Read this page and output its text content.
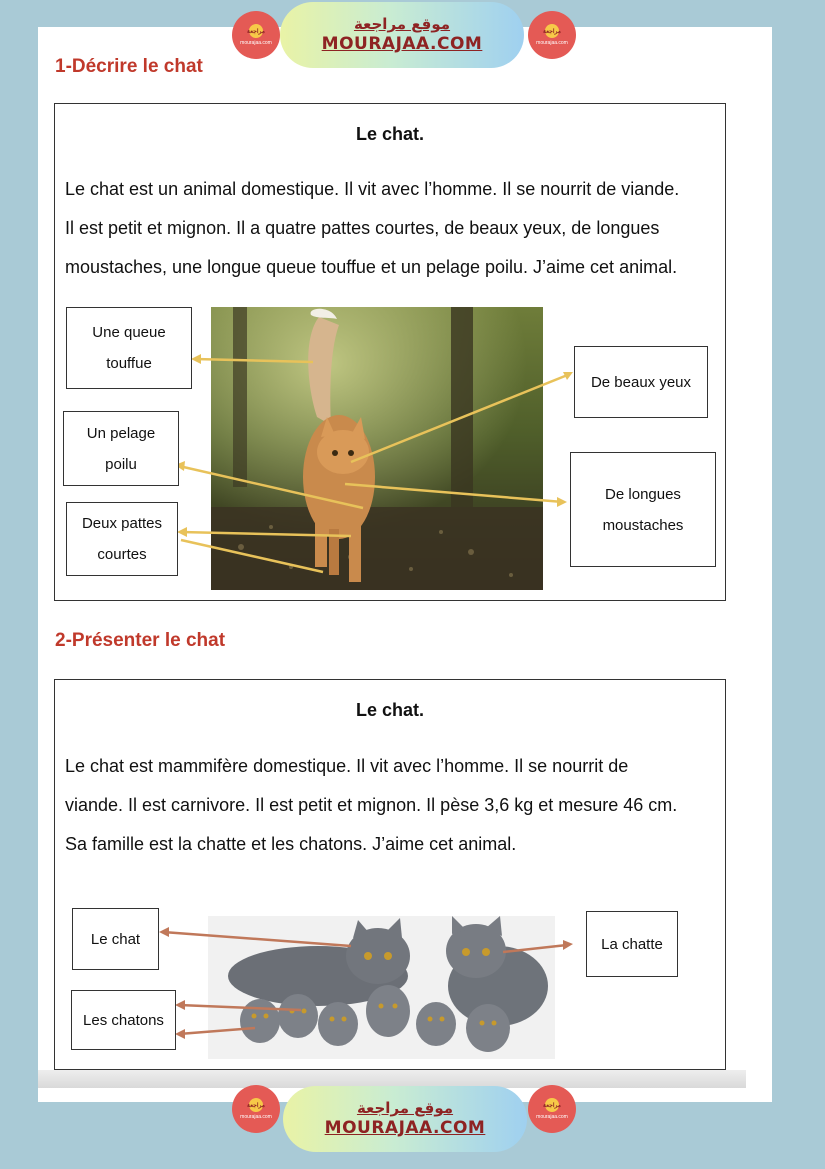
مراجعة
mourajaa.com
موقع مراجعة
MOURAJAA.COM
مراجعة
mourajaa.com
1-Décrire le chat
Le chat.
Le chat est un animal domestique. Il vit avec l’homme. Il se nourrit de viande.
Il est petit et mignon. Il a quatre pattes courtes, de beaux yeux, de longues
moustaches, une longue queue touffue et un pelage poilu. J’aime cet animal.
Une queue
touffue
Un pelage
poilu
Deux pattes
courtes
De beaux yeux
De longues
moustaches
2-Présenter le chat
Le chat.
Le chat est mammifère domestique. Il vit avec l’homme. Il se nourrit de
viande. Il est carnivore. Il est petit et mignon. Il pèse 3,6 kg et mesure 46 cm.
Sa famille est la chatte et les chatons. J’aime cet animal.
Le chat
Les chatons
La chatte
مراجعة
mourajaa.com	موقع مراجعة
MOURAJAA.COM
مراجعة
mourajaa.com
